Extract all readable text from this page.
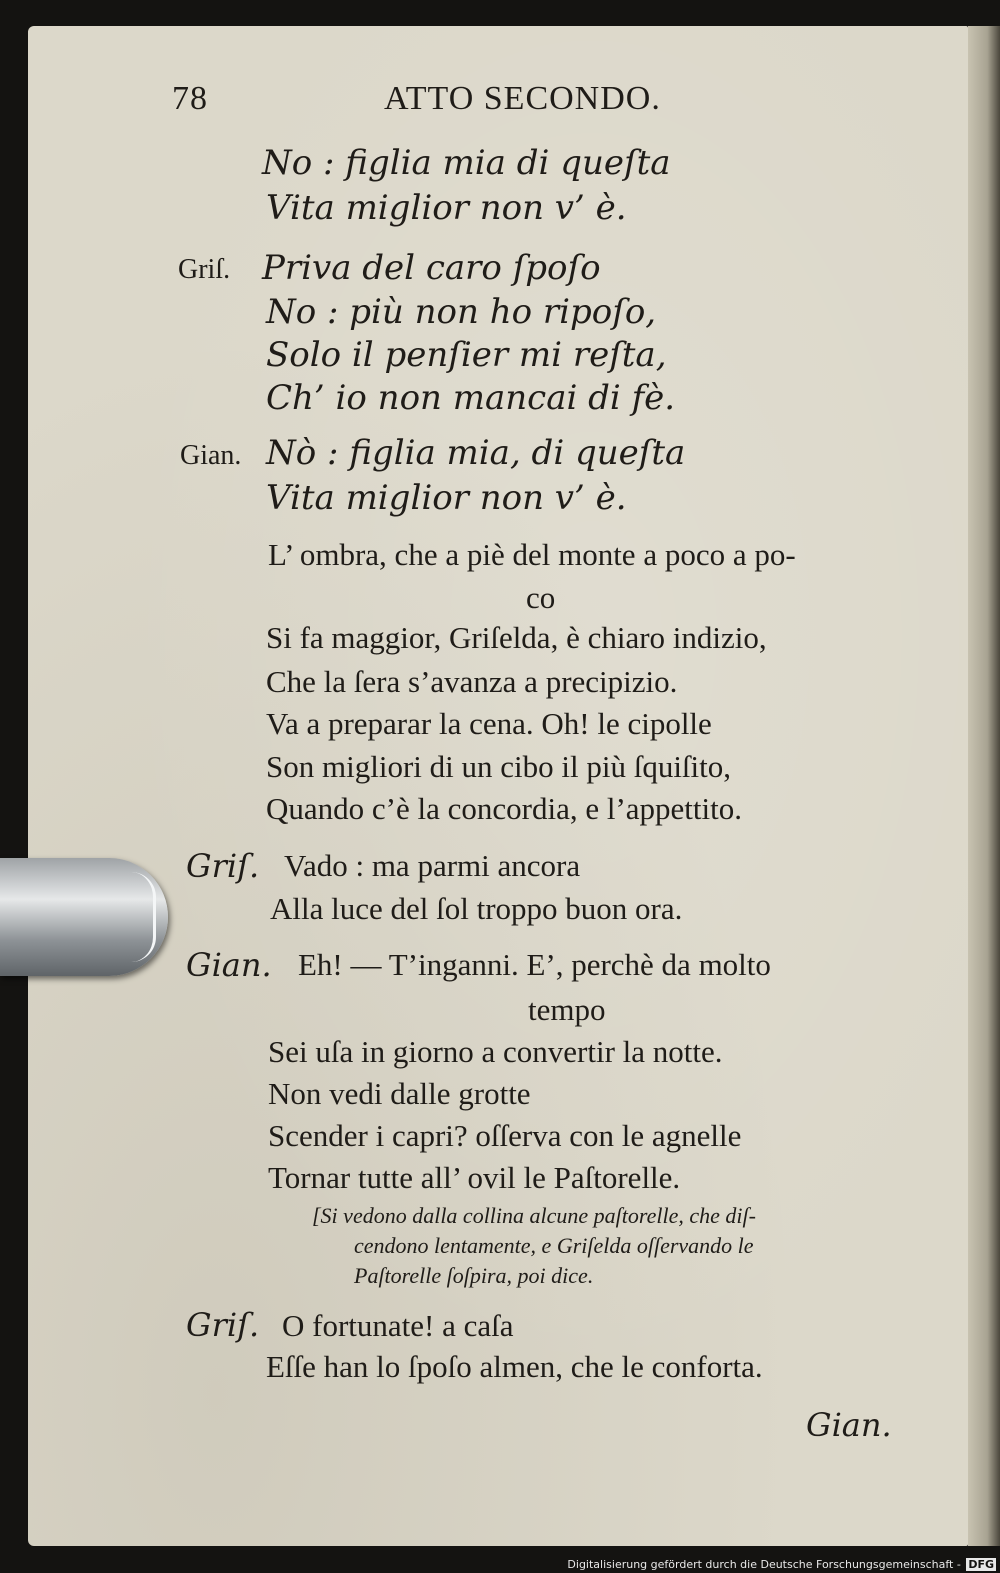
78	ATTO SECONDO.
No : figlia mia di queſta
Vita miglior non v’ è.
Griſ. Priva del caro ſpoſo
No : più non ho ripoſo,
Solo il penſier mi reſta,
Ch’ io non mancai di fè.
Gian. Nò : figlia mia, di queſta
Vita miglior non v’ è.
L’ ombra, che a piè del monte a poco a po-
co
Si fa maggior, Griſelda, è chiaro indizio,
Che la ſera s’avanza a precipizio.
Va a preparar la cena. Oh! le cipolle
Son migliori di un cibo il più ſquiſito,
Quando c’è la concordia, e l’appettito.
Griſ. Vado : ma parmi ancora
Alla luce del ſol troppo buon ora.
Gian. Eh! — T’inganni. E’, perchè da molto
tempo
Sei uſa in giorno a convertir la notte.
Non vedi dalle grotte
Scender i capri? oſſerva con le agnelle
Tornar tutte all’ ovil le Paſtorelle.
[Si vedono dalla collina alcune paſtorelle, che diſ-
cendono lentamente, e Griſelda oſſervando le
Paſtorelle ſoſpira, poi dice.
Griſ. O fortunate! a caſa
Eſſe han lo ſpoſo almen, che le conforta.
Gian.
Digitalisierung gefördert durch die Deutsche Forschungsgemeinschaft - DFG
